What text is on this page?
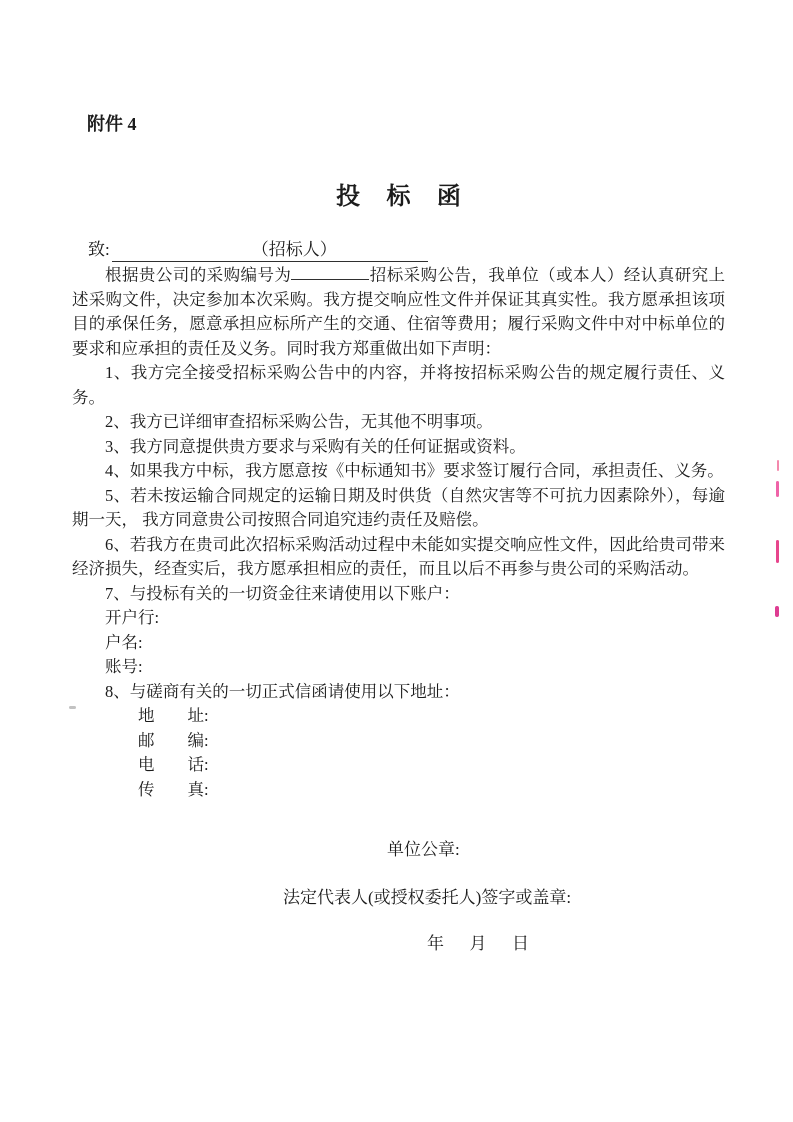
附件 4
投标函
致:	（招标人）

根据贵公司的采购编号为	招标采购公告，我单位（或本人）经认真研究上述采购文件，决定参加本次采购。我方提交响应性文件并保证其真实性。我方愿承担该项目的承保任务，愿意承担应标所产生的交通、住宿等费用；履行采购文件中对中标单位的要求和应承担的责任及义务。同时我方郑重做出如下声明：

1、我方完全接受招标采购公告中的内容，并将按招标采购公告的规定履行责任、义务。

2、我方已详细审查招标采购公告，无其他不明事项。

3、我方同意提供贵方要求与采购有关的任何证据或资料。

4、如果我方中标，我方愿意按《中标通知书》要求签订履行合同，承担责任、义务。

5、若未按运输合同规定的运输日期及时供货（自然灾害等不可抗力因素除外），每逾期一天， 我方同意贵公司按照合同追究违约责任及赔偿。

6、若我方在贵司此次招标采购活动过程中未能如实提交响应性文件，因此给贵司带来经济损失，经查实后，我方愿承担相应的责任，而且以后不再参与贵公司的采购活动。

7、与投标有关的一切资金往来请使用以下账户：

开户行:

户名:

账号:

8、与磋商有关的一切正式信函请使用以下地址：

地	址:

邮	编:

电	话:

传	真:

单位公章:
法定代表人(或授权委托人)签字或盖章:
年 月 日
